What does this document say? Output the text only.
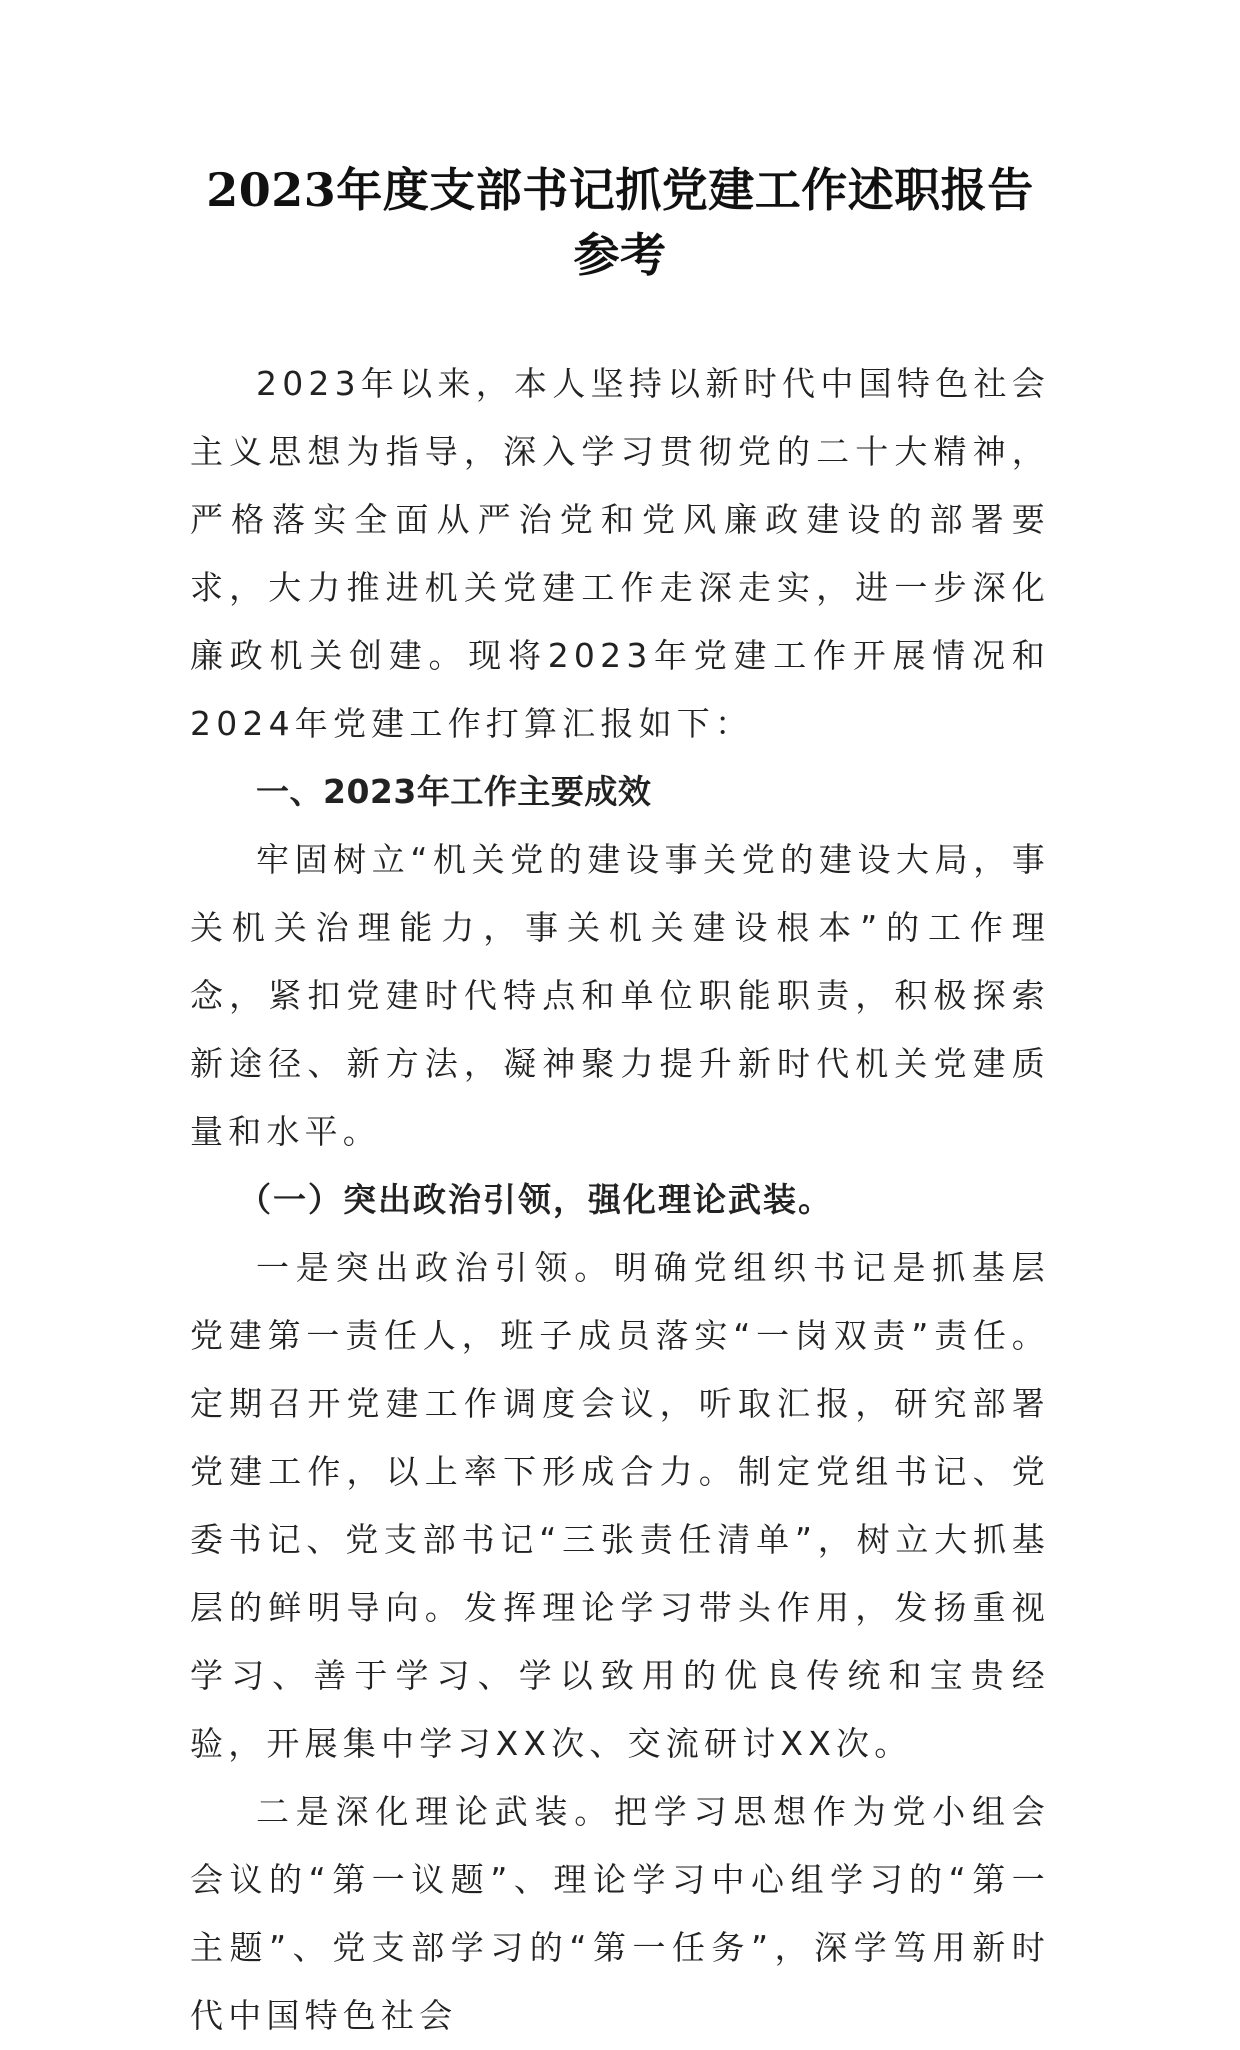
2023年度支部书记抓党建工作述职报告参考

2023年以来，本人坚持以新时代中国特色社会主义思想为指导，深入学习贯彻党的二十大精神，严格落实全面从严治党和党风廉政建设的部署要求，大力推进机关党建工作走深走实，进一步深化廉政机关创建。现将2023年党建工作开展情况和2024年党建工作打算汇报如下：

一、2023年工作主要成效

牢固树立“机关党的建设事关党的建设大局，事关机关治理能力，事关机关建设根本”的工作理念，紧扣党建时代特点和单位职能职责，积极探索新途径、新方法，凝神聚力提升新时代机关党建质量和水平。

（一）突出政治引领，强化理论武装。

一是突出政治引领。明确党组织书记是抓基层党建第一责任人，班子成员落实“一岗双责”责任。定期召开党建工作调度会议，听取汇报，研究部署党建工作，以上率下形成合力。制定党组书记、党委书记、党支部书记“三张责任清单”，树立大抓基层的鲜明导向。发挥理论学习带头作用，发扬重视学习、善于学习、学以致用的优良传统和宝贵经验，开展集中学习XX次、交流研讨XX次。

二是深化理论武装。把学习思想作为党小组会会议的“第一议题”、理论学习中心组学习的“第一主题”、党支部学习的“第一任务”，深学笃用新时代中国特色社会
